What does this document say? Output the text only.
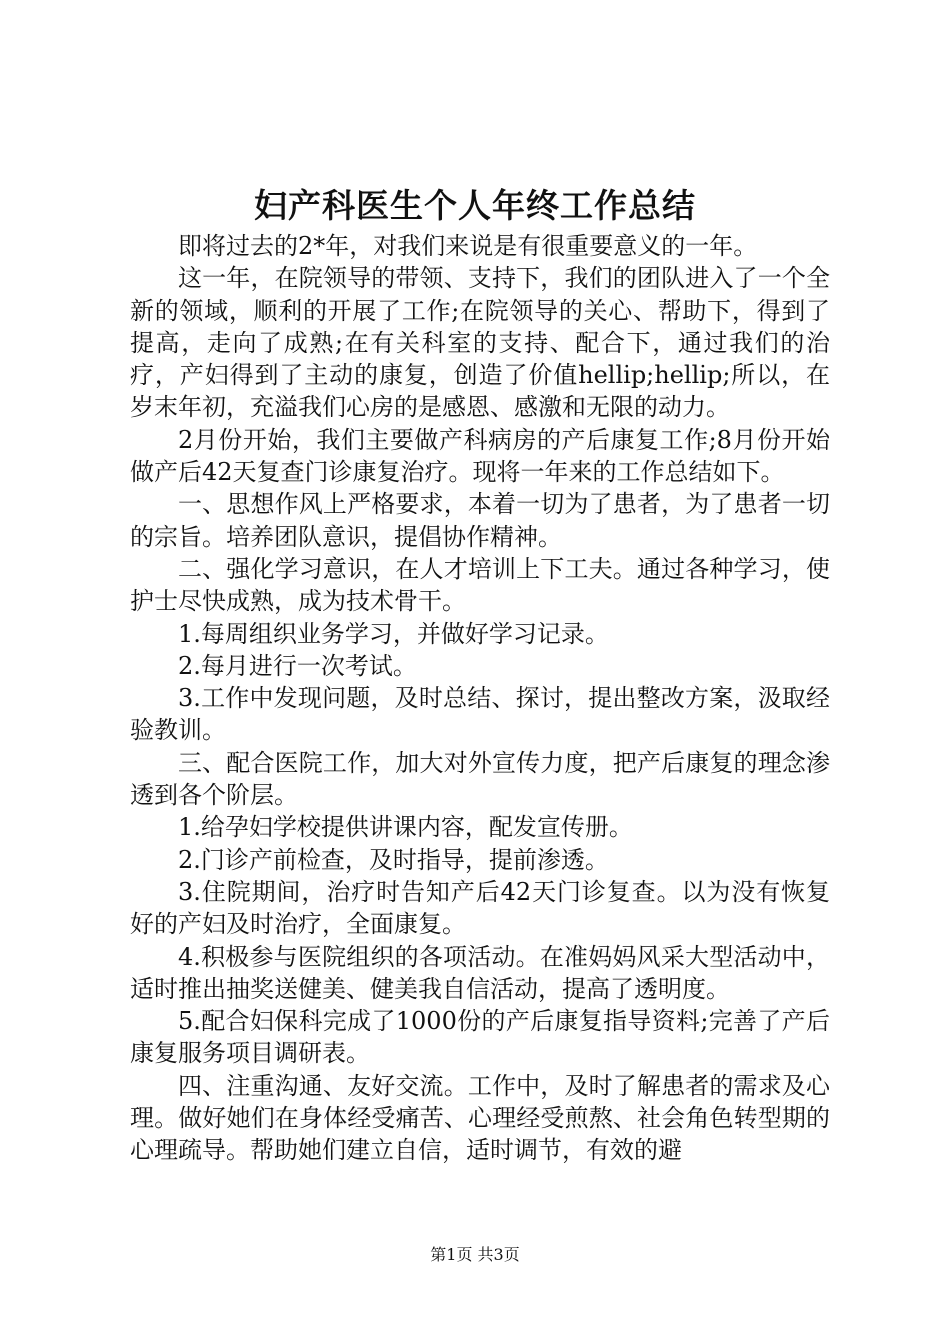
妇产科医生个人年终工作总结

即将过去的2*年，对我们来说是有很重要意义的一年。

这一年，在院领导的带领、支持下，我们的团队进入了一个全新的领域，顺利的开展了工作;在院领导的关心、帮助下，得到了提高，走向了成熟;在有关科室的支持、配合下，通过我们的治疗，产妇得到了主动的康复，创造了价值hellip;hellip;所以，在岁末年初，充溢我们心房的是感恩、感激和无限的动力。

2月份开始，我们主要做产科病房的产后康复工作;8月份开始做产后42天复查门诊康复治疗。现将一年来的工作总结如下。

一、思想作风上严格要求，本着一切为了患者，为了患者一切的宗旨。培养团队意识，提倡协作精神。

二、强化学习意识，在人才培训上下工夫。通过各种学习，使护士尽快成熟，成为技术骨干。

1.每周组织业务学习，并做好学习记录。

2.每月进行一次考试。

3.工作中发现问题，及时总结、探讨，提出整改方案，汲取经验教训。

三、配合医院工作，加大对外宣传力度，把产后康复的理念渗透到各个阶层。

1.给孕妇学校提供讲课内容，配发宣传册。

2.门诊产前检查，及时指导，提前渗透。

3.住院期间，治疗时告知产后42天门诊复查。以为没有恢复好的产妇及时治疗，全面康复。

4.积极参与医院组织的各项活动。在准妈妈风采大型活动中，适时推出抽奖送健美、健美我自信活动，提高了透明度。

5.配合妇保科完成了1000份的产后康复指导资料;完善了产后康复服务项目调研表。

四、注重沟通、友好交流。工作中，及时了解患者的需求及心理。做好她们在身体经受痛苦、心理经受煎熬、社会角色转型期的心理疏导。帮助她们建立自信，适时调节，有效的避

第1页 共3页
